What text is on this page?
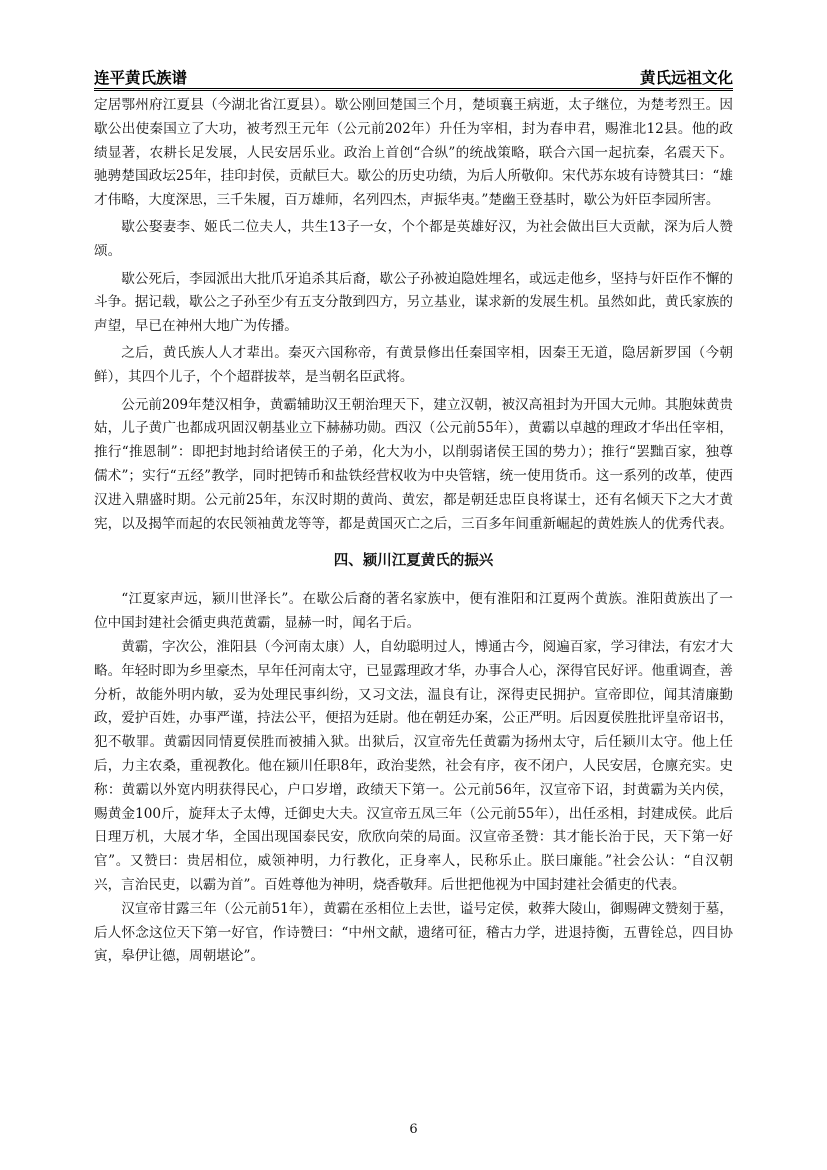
连平黄氏族谱	黄氏远祖文化

定居鄂州府江夏县（今湖北省江夏县）。歇公刚回楚国三个月，楚顷襄王病逝，太子继位，为楚考烈王。因歇公出使秦国立了大功，被考烈王元年（公元前202年）升任为宰相，封为春申君，赐淮北12县。他的政绩显著，农耕长足发展，人民安居乐业。政治上首创“合纵”的统战策略，联合六国一起抗秦，名震天下。驰骋楚国政坛25年，挂印封侯，贡献巨大。歇公的历史功绩，为后人所敬仰。宋代苏东坡有诗赞其曰：“雄才伟略，大度深思，三千朱履，百万雄师，名列四杰，声振华夷。”楚幽王登基时，歇公为奸臣李园所害。

歇公娶妻李、姬氏二位夫人，共生13子一女，个个都是英雄好汉，为社会做出巨大贡献，深为后人赞颂。

歇公死后，李园派出大批爪牙追杀其后裔，歇公子孙被迫隐姓埋名，或远走他乡，坚持与奸臣作不懈的斗争。据记载，歇公之子孙至少有五支分散到四方，另立基业，谋求新的发展生机。虽然如此，黄氏家族的声望，早已在神州大地广为传播。

之后，黄氏族人人才辈出。秦灭六国称帝，有黄景修出任秦国宰相，因秦王无道，隐居新罗国（今朝鲜），其四个儿子，个个超群拔萃，是当朝名臣武将。

公元前209年楚汉相争，黄霸辅助汉王朝治理天下，建立汉朝，被汉高祖封为开国大元帅。其胞妹黄贵姑，儿子黄广也都成巩固汉朝基业立下赫赫功勋。西汉（公元前55年），黄霸以卓越的理政才华出任宰相，推行“推恩制”：即把封地封给诸侯王的子弟，化大为小，以削弱诸侯王国的势力）；推行“罢黜百家，独尊儒术”；实行“五经”教学，同时把铸币和盐铁经营权收为中央管辖，统一使用货币。这一系列的改革，使西汉进入鼎盛时期。公元前25年，东汉时期的黄尚、黄宏，都是朝廷忠臣良将谋士，还有名倾天下之大才黄宪，以及揭竿而起的农民领袖黄龙等等，都是黄国灭亡之后，三百多年间重新崛起的黄姓族人的优秀代表。

四、颍川江夏黄氏的振兴

“江夏家声远，颍川世泽长”。在歇公后裔的著名家族中，便有淮阳和江夏两个黄族。淮阳黄族出了一位中国封建社会循吏典范黄霸，显赫一时，闻名于后。

黄霸，字次公，淮阳县（今河南太康）人，自幼聪明过人，博通古今，阅遍百家，学习律法，有宏才大略。年轻时即为乡里豪杰，早年任河南太守，已显露理政才华，办事合人心，深得官民好评。他重调查，善分析，故能外明内敏，妥为处理民事纠纷，又习文法，温良有让，深得吏民拥护。宣帝即位，闻其清廉勤政，爱护百姓，办事严谨，持法公平，便招为廷尉。他在朝廷办案，公正严明。后因夏侯胜批评皇帝诏书，犯不敬罪。黄霸因同情夏侯胜而被捕入狱。出狱后，汉宣帝先任黄霸为扬州太守，后任颍川太守。他上任后，力主农桑，重视教化。他在颍川任职8年，政治斐然，社会有序，夜不闭户，人民安居，仓廪充实。史称：黄霸以外宽内明获得民心，户口岁增，政绩天下第一。公元前56年，汉宣帝下诏，封黄霸为关内侯，赐黄金100斤，旋拜太子太傅，迁御史大夫。汉宣帝五凤三年（公元前55年），出任丞相，封建成侯。此后日理万机，大展才华，全国出现国泰民安，欣欣向荣的局面。汉宣帝圣赞：其才能长治于民，天下第一好官”。又赞曰：贵居相位，威领神明，力行教化，正身率人，民称乐止。朕曰廉能。”社会公认：“自汉朝兴，言治民吏，以霸为首”。百姓尊他为神明，烧香敬拜。后世把他视为中国封建社会循吏的代表。

汉宣帝甘露三年（公元前51年），黄霸在丞相位上去世，谥号定侯，敕葬大陵山，御赐碑文赞刻于墓，后人怀念这位天下第一好官，作诗赞曰：“中州文献，遗绪可征，稽古力学，进退持衡，五曹铨总，四目协寅，皋伊让德，周朝堪论”。

6
